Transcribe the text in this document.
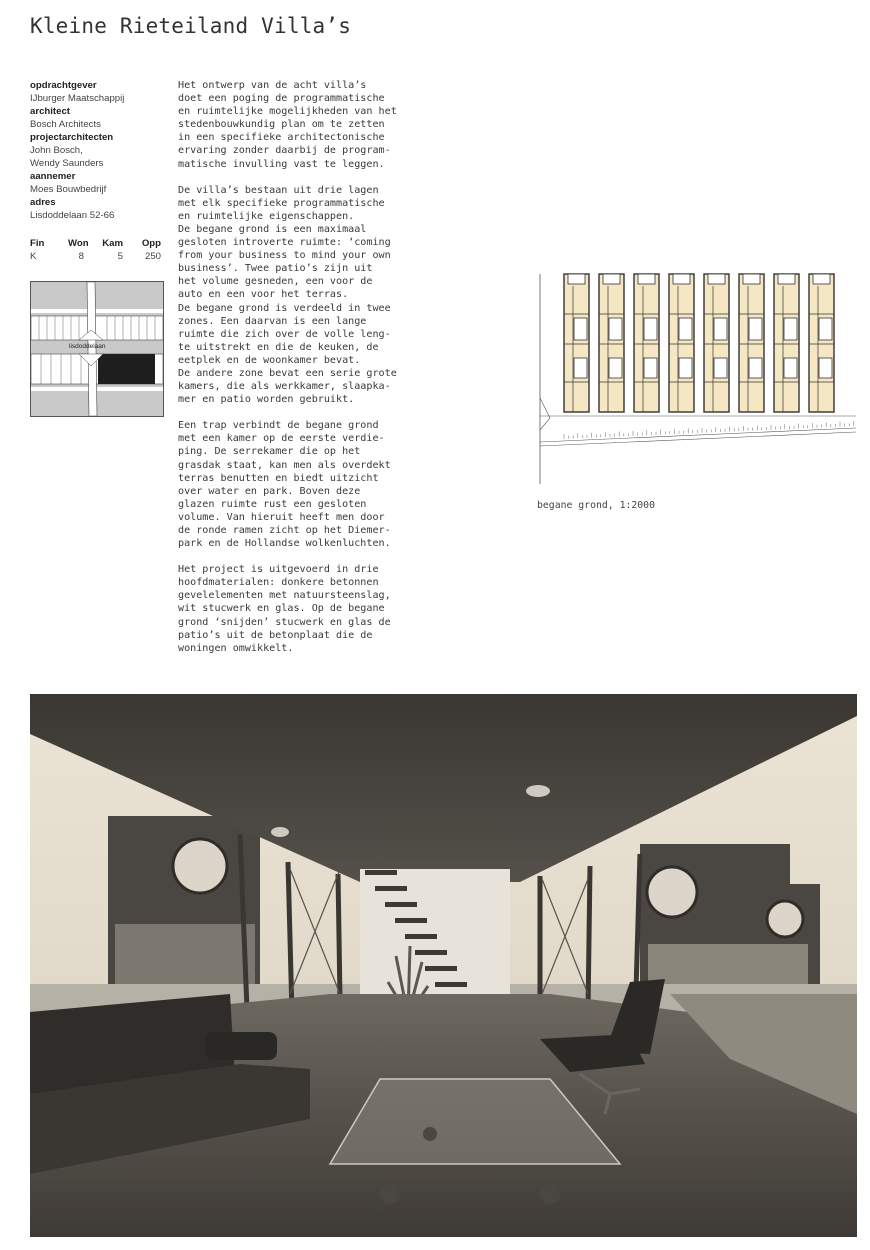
Kleine Rieteiland Villa’s
opdrachtgever
IJburger Maatschappij
architect
Bosch Architects
projectarchitecten
John Bosch,
Wendy Saunders
aannemer
Moes Bouwbedrijf
adres
Lisdoddelaan 52-66
Fin	Won	Kam	Opp
K	8	5	250
lisdoddelaan

Het ontwerp van de acht villa’s
doet een poging de programmatische
en ruimtelijke mogelijkheden van het
stedenbouwkundig plan om te zetten
in een specifieke architectonische
ervaring zonder daarbij de program-
matische invulling vast te leggen.

De villa’s bestaan uit drie lagen
met elk specifieke programmatische
en ruimtelijke eigenschappen.
De begane grond is een maximaal
gesloten introverte ruimte: ‘coming
from your business to mind your own
business’. Twee patio’s zijn uit
het volume gesneden, een voor de
auto en een voor het terras.
De begane grond is verdeeld in twee
zones. Een daarvan is een lange
ruimte die zich over de volle leng-
te uitstrekt en die de keuken, de
eetplek en de woonkamer bevat.
De andere zone bevat een serie grote
kamers, die als werkkamer, slaapka-
mer en patio worden gebruikt.

Een trap verbindt de begane grond
met een kamer op de eerste verdie-
ping. De serrekamer die op het
grasdak staat, kan men als overdekt
terras benutten en biedt uitzicht
over water en park. Boven deze
glazen ruimte rust een gesloten
volume. Van hieruit heeft men door
de ronde ramen zicht op het Diemer-
park en de Hollandse wolkenluchten.

Het project is uitgevoerd in drie
hoofdmaterialen: donkere betonnen
gevelelementen met natuursteenslag,
wit stucwerk en glas. Op de begane
grond ‘snijden’ stucwerk en glas de
patio’s uit de betonplaat die de
woningen omwikkelt.

begane grond, 1:2000
